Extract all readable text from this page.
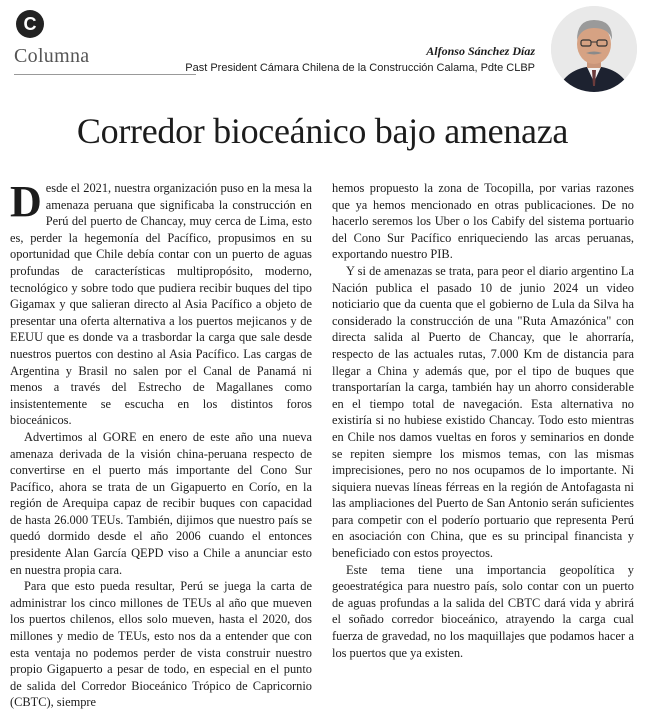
C
Columna	Alfonso Sánchez Díaz
Past President Cámara Chilena de la Construcción Calama, Pdte CLBP
Corredor bioceánico bajo amenaza

Desde el 2021, nuestra organización puso en la mesa la amenaza peruana que significaba la construcción en Perú del puerto de Chancay, muy cerca de Lima, esto es, perder la hegemonía del Pacífico, propusimos en su oportunidad que Chile debía contar con un puerto de aguas profundas de características multipropósito, moderno, tecnológico y sobre todo que pudiera recibir buques del tipo Gigamax y que salieran directo al Asia Pacífico a objeto de presentar una oferta alternativa a los puertos mejicanos y de EEUU que es donde va a trasbordar la carga que sale desde nuestros puertos con destino al Asia Pacífico. Las cargas de Argentina y Brasil no salen por el Canal de Panamá ni menos a través del Estrecho de Magallanes como insistentemente se escucha en los distintos foros bioceánicos.

Advertimos al GORE en enero de este año una nueva amenaza derivada de la visión china-peruana respecto de convertirse en el puerto más importante del Cono Sur Pacífico, ahora se trata de un Gigapuerto en Corío, en la región de Arequipa capaz de recibir buques con capacidad de hasta 26.000 TEUs. También, dijimos que nuestro país se quedó dormido desde el año 2006 cuando el entonces presidente Alan García QEPD viso a Chile a anunciar esto en nuestra propia cara.

Para que esto pueda resultar, Perú se juega la carta de administrar los cinco millones de TEUs al año que mueven los puertos chilenos, ellos solo mueven, hasta el 2020, dos millones y medio de TEUs, esto nos da a entender que con esta ventaja no podemos perder de vista construir nuestro propio Gigapuerto a pesar de todo, en especial en el punto de salida del Corredor Bioceánico Trópico de Capricornio (CBTC), siempre

hemos propuesto la zona de Tocopilla, por varias razones que ya hemos mencionado en otras publicaciones. De no hacerlo seremos los Uber o los Cabify del sistema portuario del Cono Sur Pacífico enriqueciendo las arcas peruanas, exportando nuestro PIB.

Y si de amenazas se trata, para peor el diario argentino La Nación publica el pasado 10 de junio 2024 un video noticiario que da cuenta que el gobierno de Lula da Silva ha considerado la construcción de una "Ruta Amazónica" con directa salida al Puerto de Chancay, que le ahorraría, respecto de las actuales rutas, 7.000 Km de distancia para llegar a China y además que, por el tipo de buques que transportarían la carga, también hay un ahorro considerable en el tiempo total de navegación. Esta alternativa no existiría si no hubiese existido Chancay. Todo esto mientras en Chile nos damos vueltas en foros y seminarios en donde se repiten siempre los mismos temas, con las mismas imprecisiones, pero no nos ocupamos de lo importante. Ni siquiera nuevas líneas férreas en la región de Antofagasta ni las ampliaciones del Puerto de San Antonio serán suficientes para competir con el poderío portuario que representa Perú en asociación con China, que es su principal financista y beneficiado con estos proyectos.

Este tema tiene una importancia geopolítica y geoestratégica para nuestro país, solo contar con un puerto de aguas profundas a la salida del CBTC dará vida y abrirá el soñado corredor bioceánico, atrayendo la carga cual fuerza de gravedad, no los maquillajes que podamos hacer a los puertos que ya existen.
